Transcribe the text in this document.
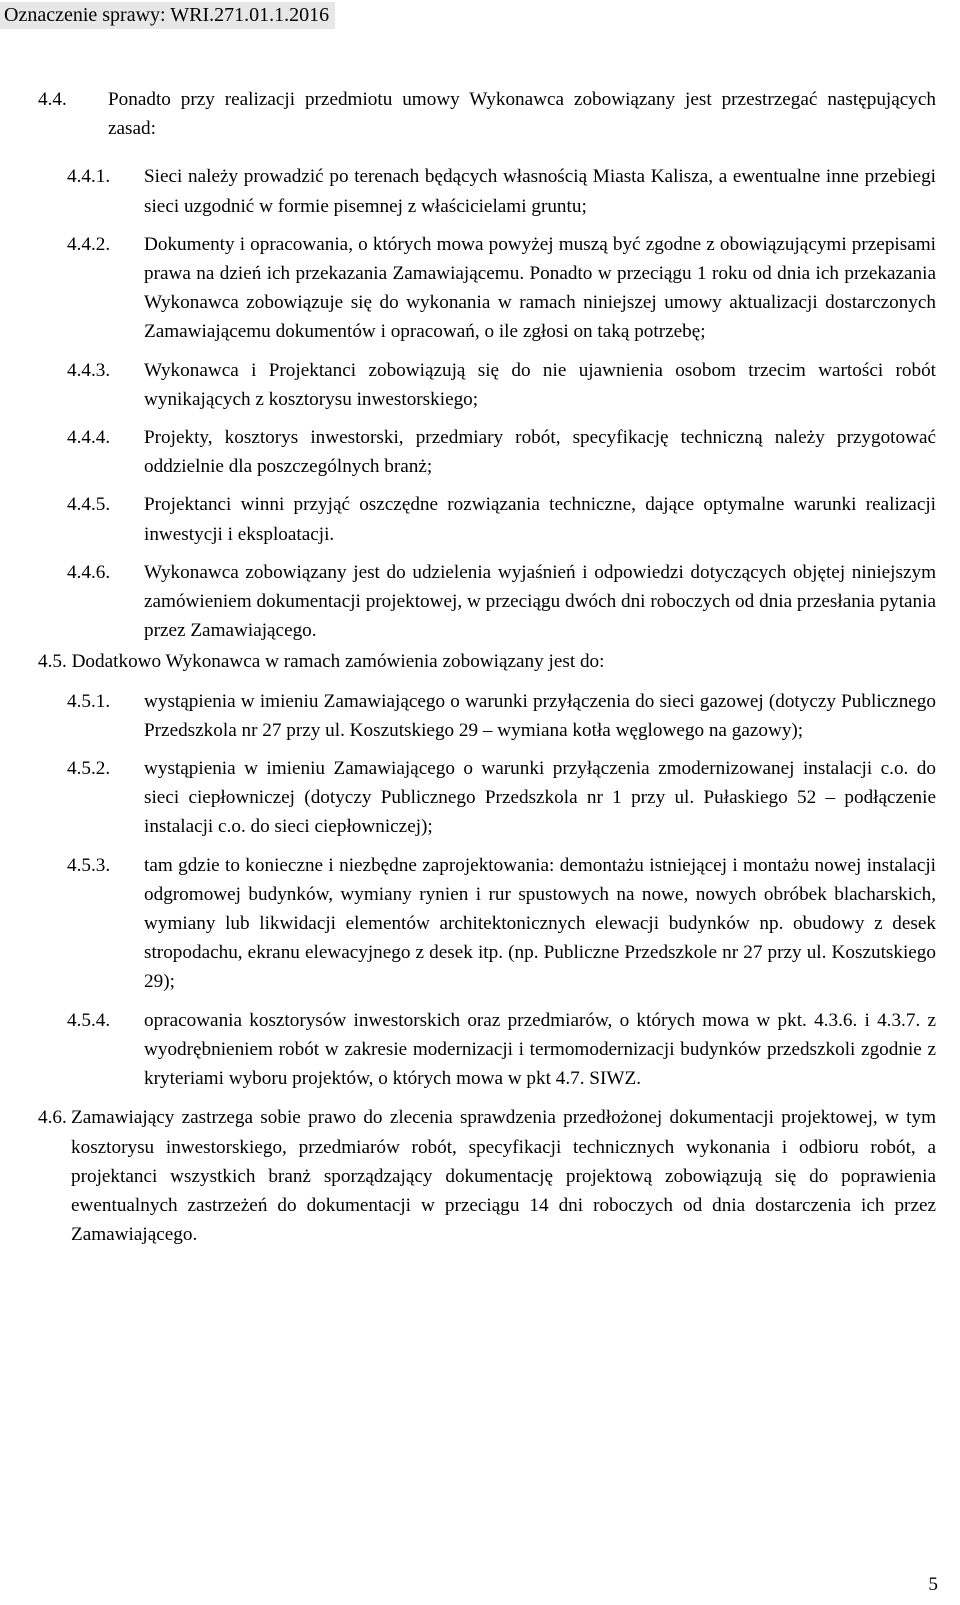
Oznaczenie sprawy: WRI.271.01.1.2016
4.4.	Ponadto przy realizacji przedmiotu umowy Wykonawca zobowiązany jest przestrzegać następujących zasad:
4.4.1.	Sieci należy prowadzić po terenach będących własnością Miasta Kalisza, a ewentualne inne przebiegi sieci uzgodnić w formie pisemnej z właścicielami gruntu;
4.4.2.	Dokumenty i opracowania, o których mowa powyżej muszą być zgodne z obowiązującymi przepisami prawa na dzień ich przekazania Zamawiającemu. Ponadto w przeciągu 1 roku od dnia ich przekazania Wykonawca zobowiązuje się do wykonania w ramach niniejszej umowy aktualizacji dostarczonych Zamawiającemu dokumentów i opracowań, o ile zgłosi on taką potrzebę;
4.4.3.	Wykonawca i Projektanci zobowiązują się do nie ujawnienia osobom trzecim wartości robót wynikających z kosztorysu inwestorskiego;
4.4.4.	Projekty, kosztorys inwestorski, przedmiary robót, specyfikację techniczną należy przygotować oddzielnie dla poszczególnych branż;
4.4.5.	Projektanci winni przyjąć oszczędne rozwiązania techniczne, dające optymalne warunki realizacji inwestycji i eksploatacji.
4.4.6.	Wykonawca zobowiązany jest do udzielenia wyjaśnień i odpowiedzi dotyczących objętej niniejszym zamówieniem dokumentacji projektowej, w przeciągu dwóch dni roboczych od dnia przesłania pytania przez Zamawiającego.
4.5. Dodatkowo Wykonawca w ramach zamówienia zobowiązany jest do:
4.5.1.	wystąpienia w imieniu Zamawiającego o warunki przyłączenia do sieci gazowej (dotyczy Publicznego Przedszkola nr 27 przy ul. Koszutskiego 29 – wymiana kotła węglowego na gazowy);
4.5.2.	wystąpienia w imieniu Zamawiającego o warunki przyłączenia zmodernizowanej instalacji c.o. do sieci ciepłowniczej (dotyczy Publicznego Przedszkola nr 1 przy ul. Pułaskiego 52 – podłączenie instalacji c.o. do sieci ciepłowniczej);
4.5.3.	tam gdzie to konieczne i niezbędne zaprojektowania: demontażu istniejącej i montażu nowej instalacji odgromowej budynków, wymiany rynien i rur spustowych na nowe, nowych obróbek blacharskich, wymiany lub likwidacji elementów architektonicznych elewacji budynków np. obudowy z desek stropodachu, ekranu elewacyjnego z desek itp. (np. Publiczne Przedszkole nr 27 przy ul. Koszutskiego 29);
4.5.4.	opracowania kosztorysów inwestorskich oraz przedmiarów, o których mowa w pkt. 4.3.6. i 4.3.7. z wyodrębnieniem robót w zakresie modernizacji i termomodernizacji budynków przedszkoli zgodnie z kryteriami wyboru projektów, o których mowa w pkt 4.7. SIWZ.
4.6. Zamawiający zastrzega sobie prawo do zlecenia sprawdzenia przedłożonej dokumentacji projektowej, w tym kosztorysu inwestorskiego, przedmiarów robót, specyfikacji technicznych wykonania i odbioru robót, a projektanci wszystkich branż sporządzający dokumentację projektową zobowiązują się do poprawienia ewentualnych zastrzeżeń do dokumentacji w przeciągu 14 dni roboczych od dnia dostarczenia ich przez Zamawiającego.
5
